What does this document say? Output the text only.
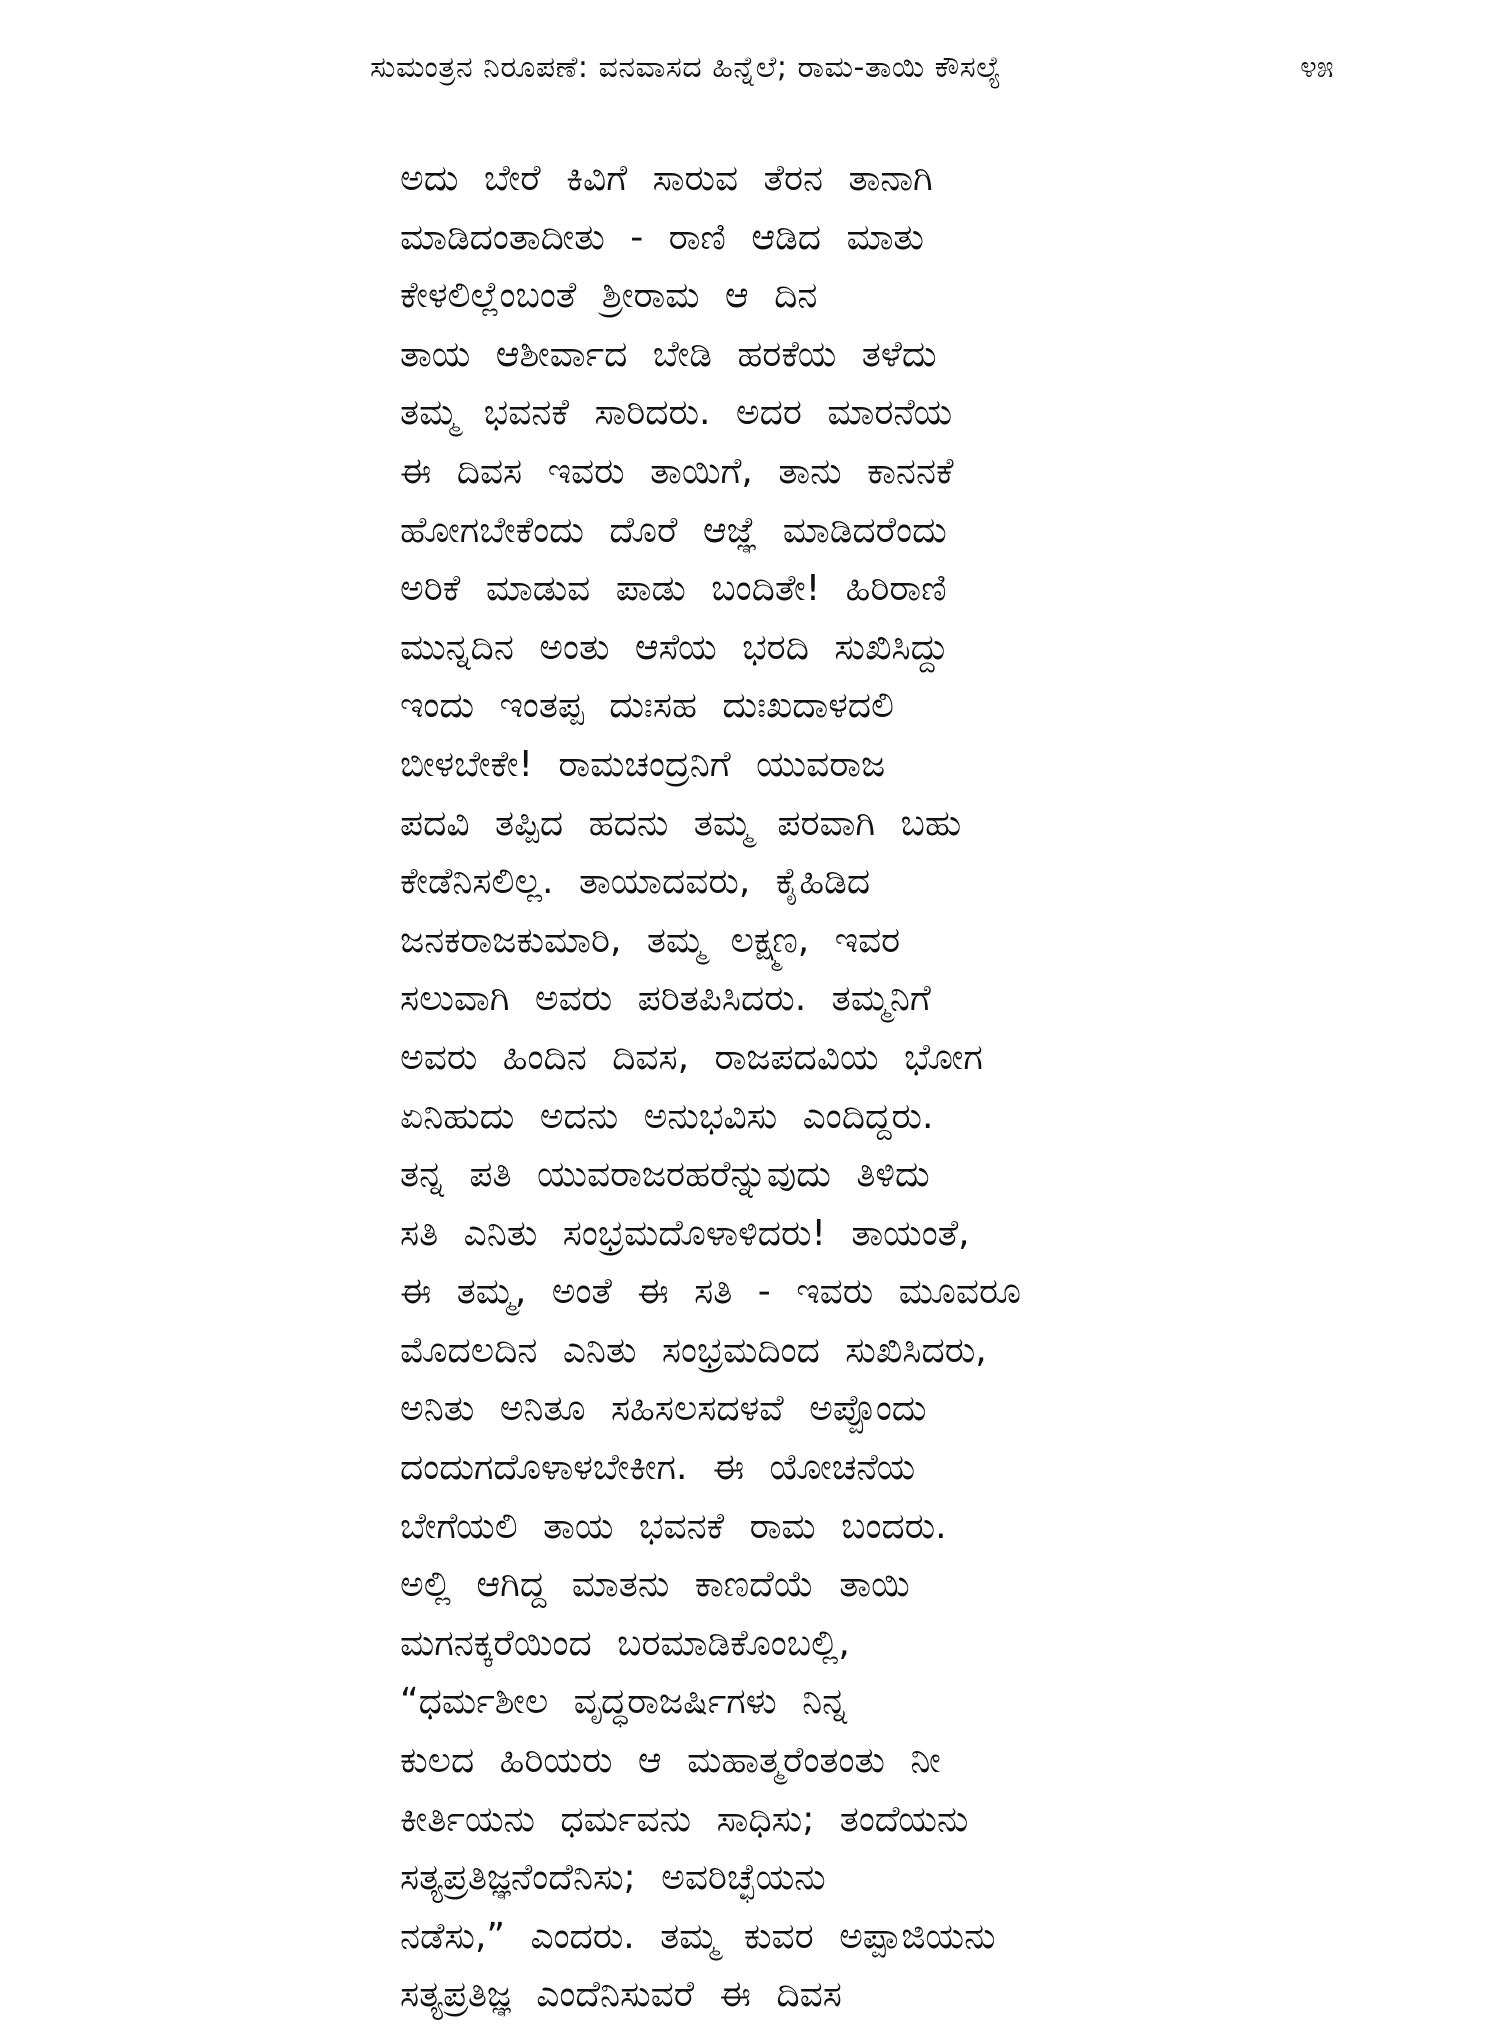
ಸುಮಂತ್ರನ ನಿರೂಪಣೆ: ವನವಾಸದ ಹಿನ್ನೆಲೆ; ರಾಮ-ತಾಯಿ ಕೌಸಲ್ಯೆ	೪೫
ಅದು ಬೇರೆ ಕಿವಿಗೆ ಸಾರುವ ತೆರನ ತಾನಾಗಿ
ಮಾಡಿದಂತಾದೀತು - ರಾಣಿ ಆಡಿದ ಮಾತು
ಕೇಳಲಿಲ್ಲೆಂಬಂತೆ ಶ್ರೀರಾಮ ಆ ದಿನ
ತಾಯ ಆಶೀರ್ವಾದ ಬೇಡಿ ಹರಕೆಯ ತಳೆದು
ತಮ್ಮ ಭವನಕೆ ಸಾರಿದರು. ಅದರ ಮಾರನೆಯ
ಈ ದಿವಸ ಇವರು ತಾಯಿಗೆ, ತಾನು ಕಾನನಕೆ
ಹೋಗಬೇಕೆಂದು ದೊರೆ ಆಜ್ಞೆ ಮಾಡಿದರೆಂದು
ಅರಿಕೆ ಮಾಡುವ ಪಾಡು ಬಂದಿತೇ! ಹಿರಿರಾಣಿ
ಮುನ್ನದಿನ ಅಂತು ಆಸೆಯ ಭರದಿ ಸುಖಿಸಿದ್ದು
ಇಂದು ಇಂತಪ್ಪ ದುಃಸಹ ದುಃಖದಾಳದಲಿ
ಬೀಳಬೇಕೇ! ರಾಮಚಂದ್ರನಿಗೆ ಯುವರಾಜ
ಪದವಿ ತಪ್ಪಿದ ಹದನು ತಮ್ಮ ಪರವಾಗಿ ಬಹು
ಕೇಡೆನಿಸಲಿಲ್ಲ. ತಾಯಾದವರು, ಕೈಹಿಡಿದ
ಜನಕರಾಜಕುಮಾರಿ, ತಮ್ಮ ಲಕ್ಷ್ಮಣ, ಇವರ
ಸಲುವಾಗಿ ಅವರು ಪರಿತಪಿಸಿದರು. ತಮ್ಮನಿಗೆ
ಅವರು ಹಿಂದಿನ ದಿವಸ, ರಾಜಪದವಿಯ ಭೋಗ
ಏನಿಹುದು ಅದನು ಅನುಭವಿಸು ಎಂದಿದ್ದರು.
ತನ್ನ ಪತಿ ಯುವರಾಜರಹರೆನ್ನುವುದು ತಿಳಿದು
ಸತಿ ಎನಿತು ಸಂಭ್ರಮದೊಳಾಳಿದರು! ತಾಯಂತೆ,
ಈ ತಮ್ಮ, ಅಂತೆ ಈ ಸತಿ - ಇವರು ಮೂವರೂ
ಮೊದಲದಿನ ಎನಿತು ಸಂಭ್ರಮದಿಂದ ಸುಖಿಸಿದರು,
ಅನಿತು ಅನಿತೂ ಸಹಿಸಲಸದಳವೆ ಅಪ್ಪೊಂದು
ದಂದುಗದೊಳಾಳಬೇಕೀಗ. ಈ ಯೋಚನೆಯ
ಬೇಗೆಯಲಿ ತಾಯ ಭವನಕೆ ರಾಮ ಬಂದರು.
ಅಲ್ಲಿ ಆಗಿದ್ದ ಮಾತನು ಕಾಣದೆಯೆ ತಾಯಿ
ಮಗನಕ್ಕರೆಯಿಂದ ಬರಮಾಡಿಕೊಂಬಲ್ಲಿ,
“ಧರ್ಮಶೀಲ ವೃದ್ಧರಾಜರ್ಷಿಗಳು ನಿನ್ನ
ಕುಲದ ಹಿರಿಯರು ಆ ಮಹಾತ್ಮರೆಂತಂತು ನೀ
ಕೀರ್ತಿಯನು ಧರ್ಮವನು ಸಾಧಿಸು; ತಂದೆಯನು
ಸತ್ಯಪ್ರತಿಜ್ಞನೆಂದೆನಿಸು; ಅವರಿಚ್ಛೆಯನು
ನಡೆಸು,” ಎಂದರು. ತಮ್ಮ ಕುವರ ಅಪ್ಪಾಜಿಯನು
ಸತ್ಯಪ್ರತಿಜ್ಞ ಎಂದೆನಿಸುವರೆ ಈ ದಿವಸ
